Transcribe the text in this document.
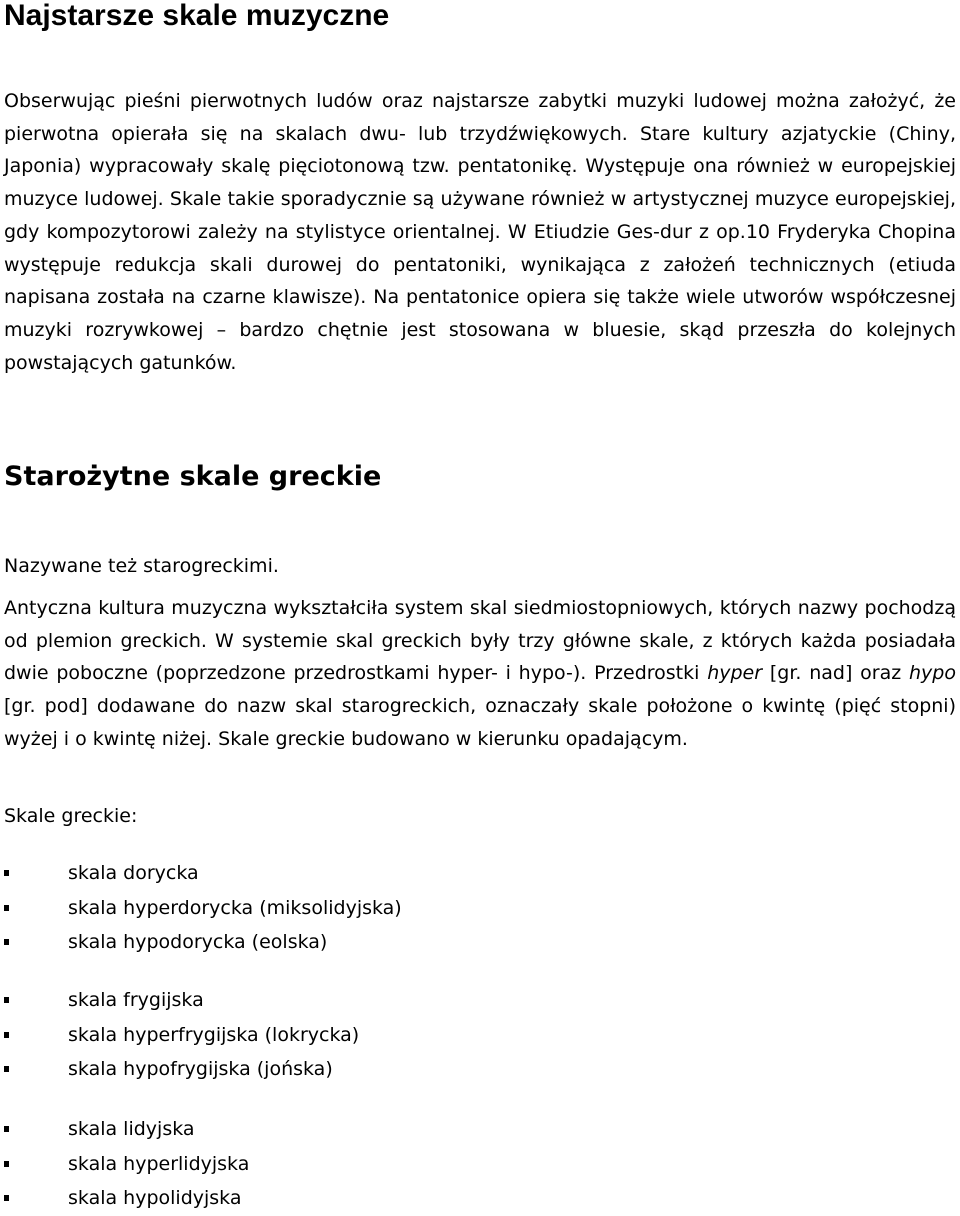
Najstarsze skale muzyczne

Obserwując pieśni pierwotnych ludów oraz najstarsze zabytki muzyki ludowej można założyć, że pierwotna opierała się na skalach dwu- lub trzydźwiękowych. Stare kultury azjatyckie (Chiny, Japonia) wypracowały skalę pięciotonową tzw. pentatonikę. Występuje ona również w europejskiej muzyce ludowej. Skale takie sporadycznie są używane również w artystycznej muzyce europejskiej, gdy kompozytorowi zależy na stylistyce orientalnej. W Etiudzie Ges-dur z op.10 Fryderyka Chopina występuje redukcja skali durowej do pentatoniki, wynikająca z założeń technicznych (etiuda napisana została na czarne klawisze). Na pentatonice opiera się także wiele utworów współczesnej muzyki rozrywkowej – bardzo chętnie jest stosowana w bluesie, skąd przeszła do kolejnych powstających gatunków.

Starożytne skale greckie

Nazywane też starogreckimi.

Antyczna kultura muzyczna wykształciła system skal siedmiostopniowych, których nazwy pochodzą od plemion greckich. W systemie skal greckich były trzy główne skale, z których każda posiadała dwie poboczne (poprzedzone przedrostkami hyper- i hypo-). Przedrostki hyper [gr. nad] oraz hypo [gr. pod] dodawane do nazw skal starogreckich, oznaczały skale położone o kwintę (pięć stopni) wyżej i o kwintę niżej. Skale greckie budowano w kierunku opadającym.

Skale greckie:

skala dorycka
skala hyperdorycka (miksolidyjska)
skala hypodorycka (eolska)
skala frygijska
skala hyperfrygijska (lokrycka)
skala hypofrygijska (jońska)
skala lidyjska
skala hyperlidyjska
skala hypolidyjska
